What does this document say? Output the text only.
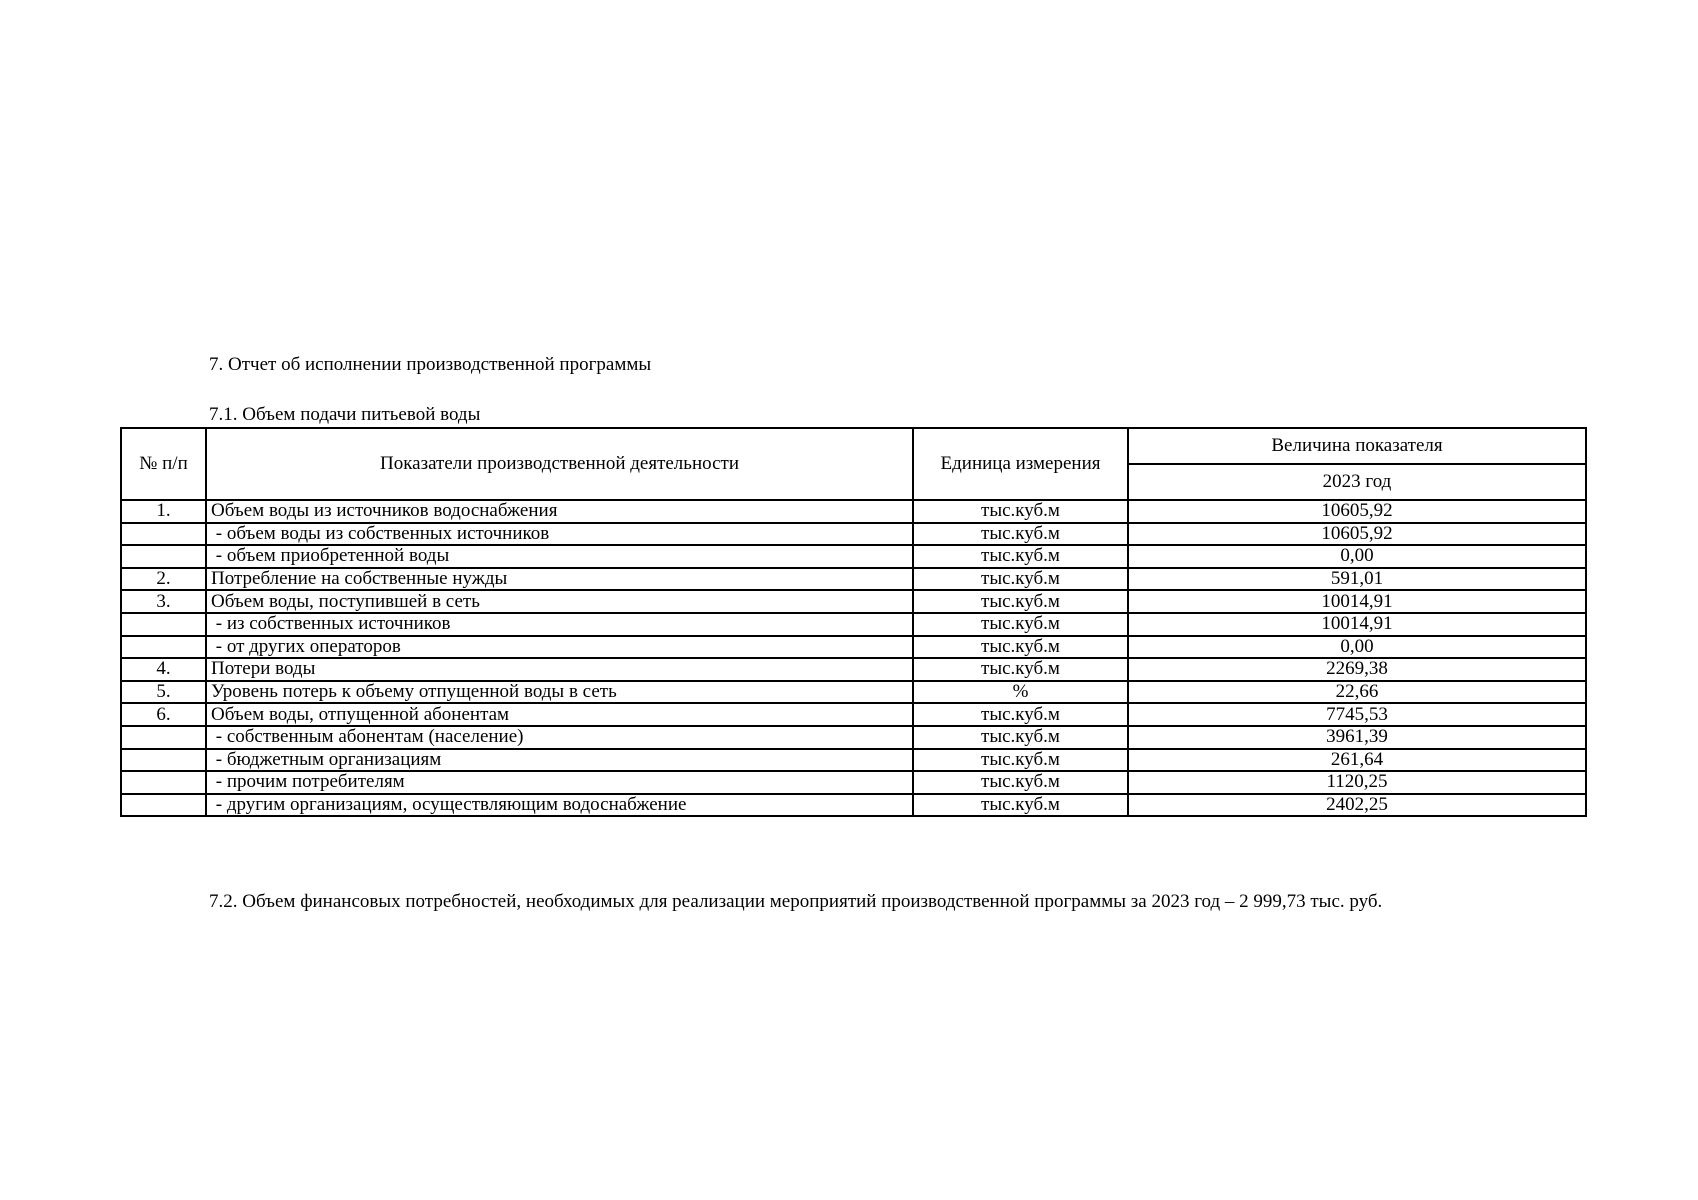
7. Отчет об исполнении производственной программы
7.1. Объем подачи питьевой воды
№ п/п	Показатели производственной деятельности	Единица измерения	Величина показателя
			2023 год
1.	Объем воды из источников водоснабжения	тыс.куб.м	10605,92
	- объем воды из собственных источников	тыс.куб.м	10605,92
	- объем приобретенной воды	тыс.куб.м	0,00
2.	Потребление на собственные нужды	тыс.куб.м	591,01
3.	Объем воды, поступившей в сеть	тыс.куб.м	10014,91
	- из собственных источников	тыс.куб.м	10014,91
	- от других операторов	тыс.куб.м	0,00
4.	Потери воды	тыс.куб.м	2269,38
5.	Уровень потерь к объему отпущенной воды в сеть	%	22,66
6.	Объем воды, отпущенной абонентам	тыс.куб.м	7745,53
	- собственным абонентам (население)	тыс.куб.м	3961,39
	- бюджетным организациям	тыс.куб.м	261,64
	- прочим потребителям	тыс.куб.м	1120,25
	- другим организациям, осуществляющим водоснабжение	тыс.куб.м	2402,25
7.2. Объем финансовых потребностей, необходимых для реализации мероприятий производственной программы за 2023 год – 2 999,73 тыс. руб.
